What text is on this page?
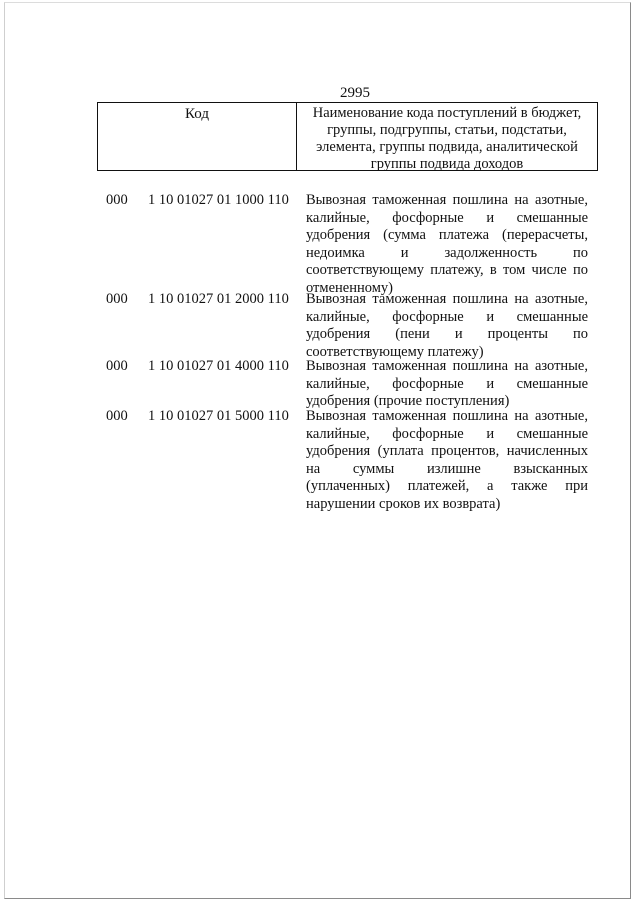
2995
Код	Наименование кода поступлений в бюджет, группы, подгруппы, статьи, подстатьи, элемента, группы подвида, аналитической группы подвида доходов
000 1 10 01027 01 1000 110 Вывозная таможенная пошлина на азотные, калийные, фосфорные и смешанные удобрения (сумма платежа (перерасчеты, недоимка и задолженность по соответствующему платежу, в том числе по отмененному)
000 1 10 01027 01 2000 110 Вывозная таможенная пошлина на азотные, калийные, фосфорные и смешанные удобрения (пени и проценты по соответствующему платежу)
000 1 10 01027 01 4000 110 Вывозная таможенная пошлина на азотные, калийные, фосфорные и смешанные удобрения (прочие поступления)
000 1 10 01027 01 5000 110 Вывозная таможенная пошлина на азотные, калийные, фосфорные и смешанные удобрения (уплата процентов, начисленных на суммы излишне взысканных (уплаченных) платежей, а также при нарушении сроков их возврата)
